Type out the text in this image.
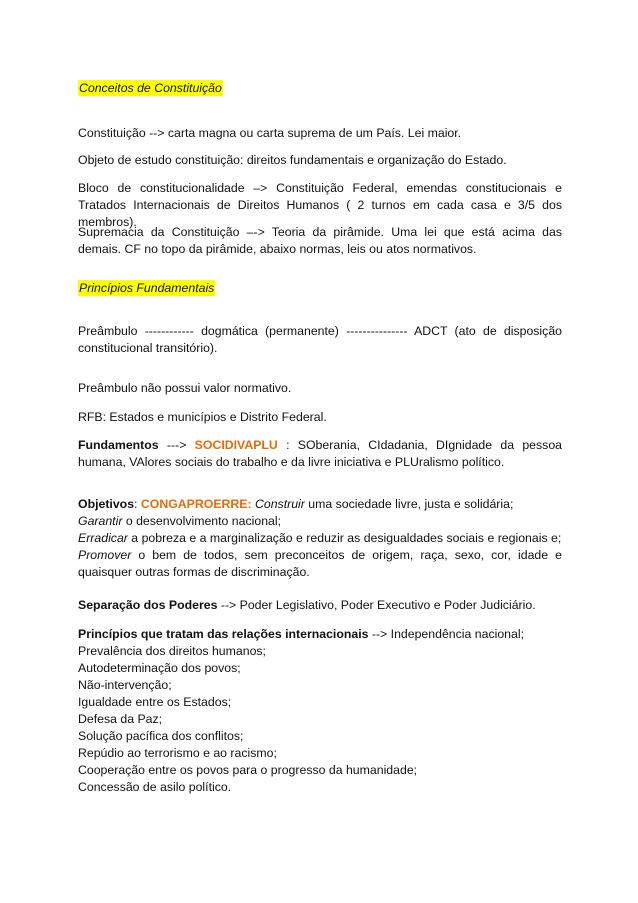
Conceitos de Constituição

Constituição --> carta magna ou carta suprema de um País. Lei maior.

Objeto de estudo constituição: direitos fundamentais e organização do Estado.

Bloco de constitucionalidade –> Constituição Federal, emendas constitucionais e Tratados Internacionais de Direitos Humanos ( 2 turnos em cada casa e 3/5 dos membros).

Supremacia da Constituição –-> Teoria da pirâmide. Uma lei que está acima das demais. CF no topo da pirâmide, abaixo normas, leis ou atos normativos.

Princípios Fundamentais

Preâmbulo ------------ dogmática (permanente) --------------- ADCT (ato de disposição constitucional transitório).

Preâmbulo não possui valor normativo.

RFB: Estados e municípios e Distrito Federal.

Fundamentos ---> SOCIDIVAPLU : SOberania, CIdadania, DIgnidade da pessoa humana, VAlores sociais do trabalho e da livre iniciativa e PLUralismo político.

Objetivos: CONGAPROERRE: Construir uma sociedade livre, justa e solidária;
Garantir o desenvolvimento nacional;
Erradicar a pobreza e a marginalização e reduzir as desigualdades sociais e regionais e;
Promover o bem de todos, sem preconceitos de origem, raça, sexo, cor, idade e quaisquer outras formas de discriminação.

Separação dos Poderes --> Poder Legislativo, Poder Executivo e Poder Judiciário.

Princípios que tratam das relações internacionais --> Independência nacional;
Prevalência dos direitos humanos;
Autodeterminação dos povos;
Não-intervenção;
Igualdade entre os Estados;
Defesa da Paz;
Solução pacífica dos conflitos;
Repúdio ao terrorismo e ao racismo;
Cooperação entre os povos para o progresso da humanidade;
Concessão de asilo político.
